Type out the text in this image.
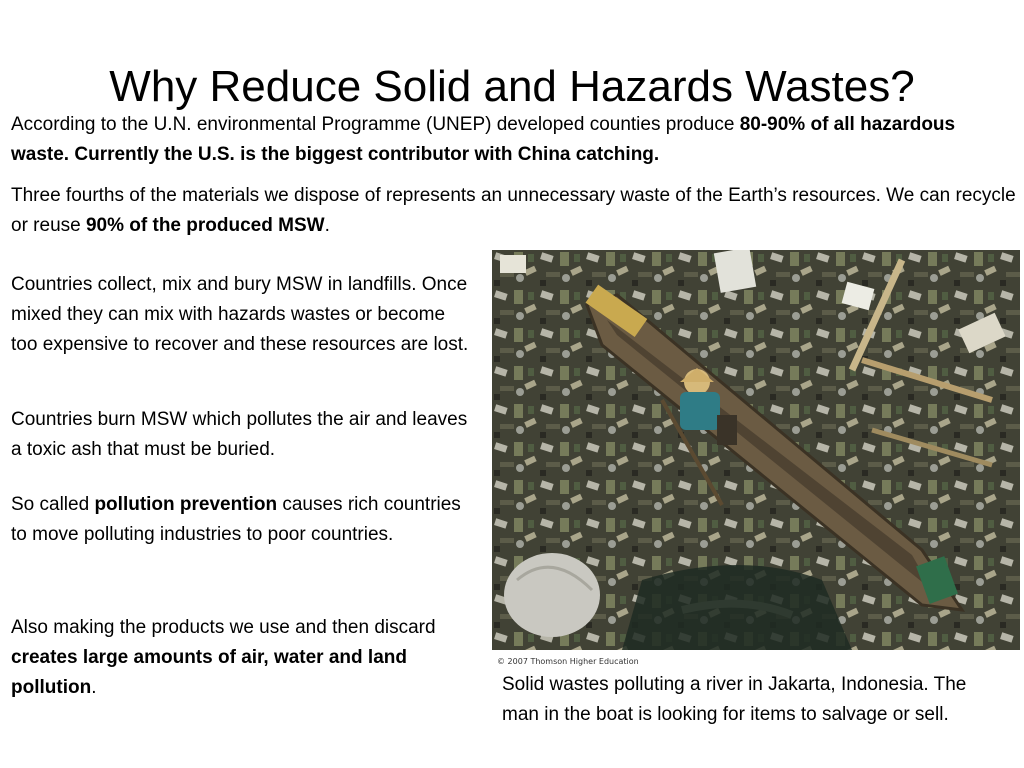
Why Reduce Solid and Hazards Wastes?

According to the U.N. environmental Programme (UNEP) developed counties produce 80-90% of all hazardous waste. Currently the U.S. is the biggest contributor with China catching.

Three fourths of the materials we dispose of represents an unnecessary waste of the Earth’s resources. We can recycle or reuse 90% of the produced MSW.

Countries collect, mix and bury MSW in landfills. Once mixed they can mix with hazards wastes or become too expensive to recover and these resources are lost.

Countries burn MSW which pollutes the air and leaves a toxic ash that must be buried.

So called pollution prevention causes rich countries to move polluting industries to poor countries.

Also making the products we use and then discard creates large amounts of air, water and land pollution.

© 2007 Thomson Higher Education

Solid wastes polluting a river in Jakarta, Indonesia. The man in the boat is looking for items to salvage or sell.
